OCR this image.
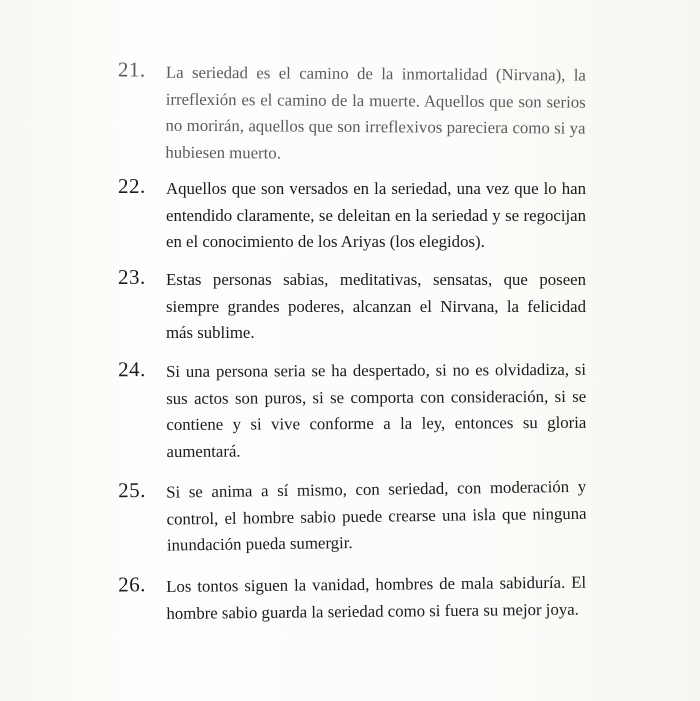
21. La seriedad es el camino de la inmortalidad (Nirvana), la irreflexión es el camino de la muerte. Aquellos que son serios no morirán, aquellos que son irreflexivos pareciera como si ya hubiesen muerto.
22. Aquellos que son versados en la seriedad, una vez que lo han entendido claramente, se deleitan en la seriedad y se regocijan en el conocimiento de los Ariyas (los elegidos).
23. Estas personas sabias, meditativas, sensatas, que poseen siempre grandes poderes, alcanzan el Nirvana, la felicidad más sublime.
24. Si una persona seria se ha despertado, si no es olvidadiza, si sus actos son puros, si se comporta con consideración, si se contiene y si vive conforme a la ley, entonces su gloria aumentará.
25. Si se anima a sí mismo, con seriedad, con moderación y control, el hombre sabio puede crearse una isla que ninguna inundación pueda sumergir.
26. Los tontos siguen la vanidad, hombres de mala sabiduría. El hombre sabio guarda la seriedad como si fuera su mejor joya.
